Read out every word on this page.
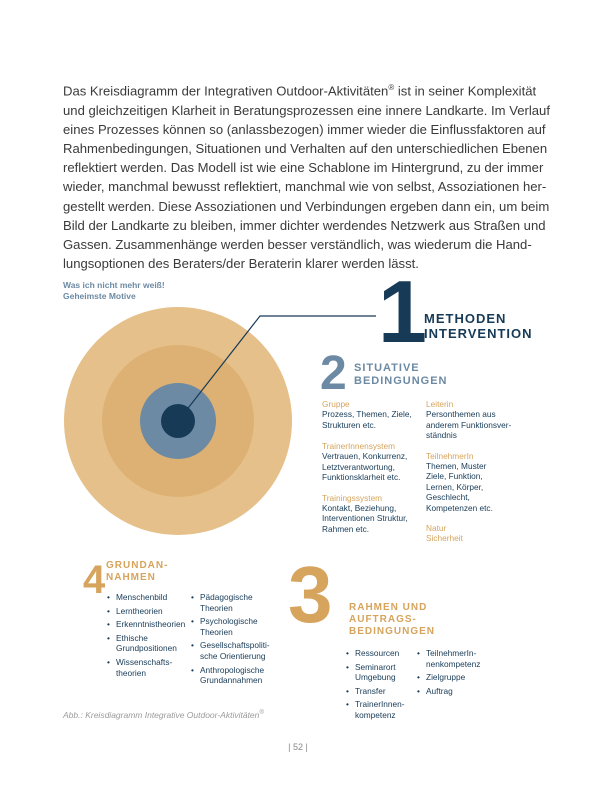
Das Kreisdiagramm der Integrativen Outdoor-Aktivitäten® ist in seiner Komplexität
und gleichzeitigen Klarheit in Beratungsprozessen eine innere Landkarte. Im Verlauf
eines Prozesses können so (anlassbezogen) immer wieder die Einflussfaktoren auf
Rahmenbedingungen, Situationen und Verhalten auf den unterschiedlichen Ebenen
reflektiert werden. Das Modell ist wie eine Schablone im Hintergrund, zu der immer
wieder, manchmal bewusst reflektiert, manchmal wie von selbst, Assoziationen her-
gestellt werden. Diese Assoziationen und Verbindungen ergeben dann ein, um beim
Bild der Landkarte zu bleiben, immer dichter werdendes Netzwerk aus Straßen und
Gassen. Zusammenhänge werden besser verständlich, was wiederum die Hand-
lungsoptionen des Beraters/der Beraterin klarer werden lässt.
Was ich nicht mehr weiß!
Geheimste Motive	1
METHODEN
INTERVENTION
2 SITUATIVE
BEDINGUNGEN
Gruppe
Prozess, Themen, Ziele,
Strukturen etc.
TrainerInnensystem
Vertrauen, Konkurrenz,
Letztverantwortung,
Funktionsklarheit etc.
Trainingssystem
Kontakt, Beziehung,
Interventionen Struktur,
Rahmen etc.
Leiterin
Personthemen aus
anderem Funktionsver-
ständnis
TeilnehmerIn
Themen, Muster
Ziele, Funktion,
Lernen, Körper,
Geschlecht,
Kompetenzen etc.
Natur
Sicherheit
4 GRUNDAN-
NAHMEN
• Menschenbild
• Lerntheorien
• Erkenntnistheorien
• Ethische
Grundpositionen
• Wissenschafts-
theorien
• Pädagogische
Theorien
• Psychologische
Theorien
• Gesellschaftspoliti-
sche Orientierung
• Anthropologische
Grundannahmen
3 RAHMEN UND
AUFTRAGS-
BEDINGUNGEN
• Ressourcen
• Seminarort
Umgebung
• Transfer
• TrainerInnen-
kompetenz
• TeilnehmerIn-
nenkompetenz
• Zielgruppe
• Auftrag
Abb.: Kreisdiagramm Integrative Outdoor-Aktivitäten®
| 52 |
